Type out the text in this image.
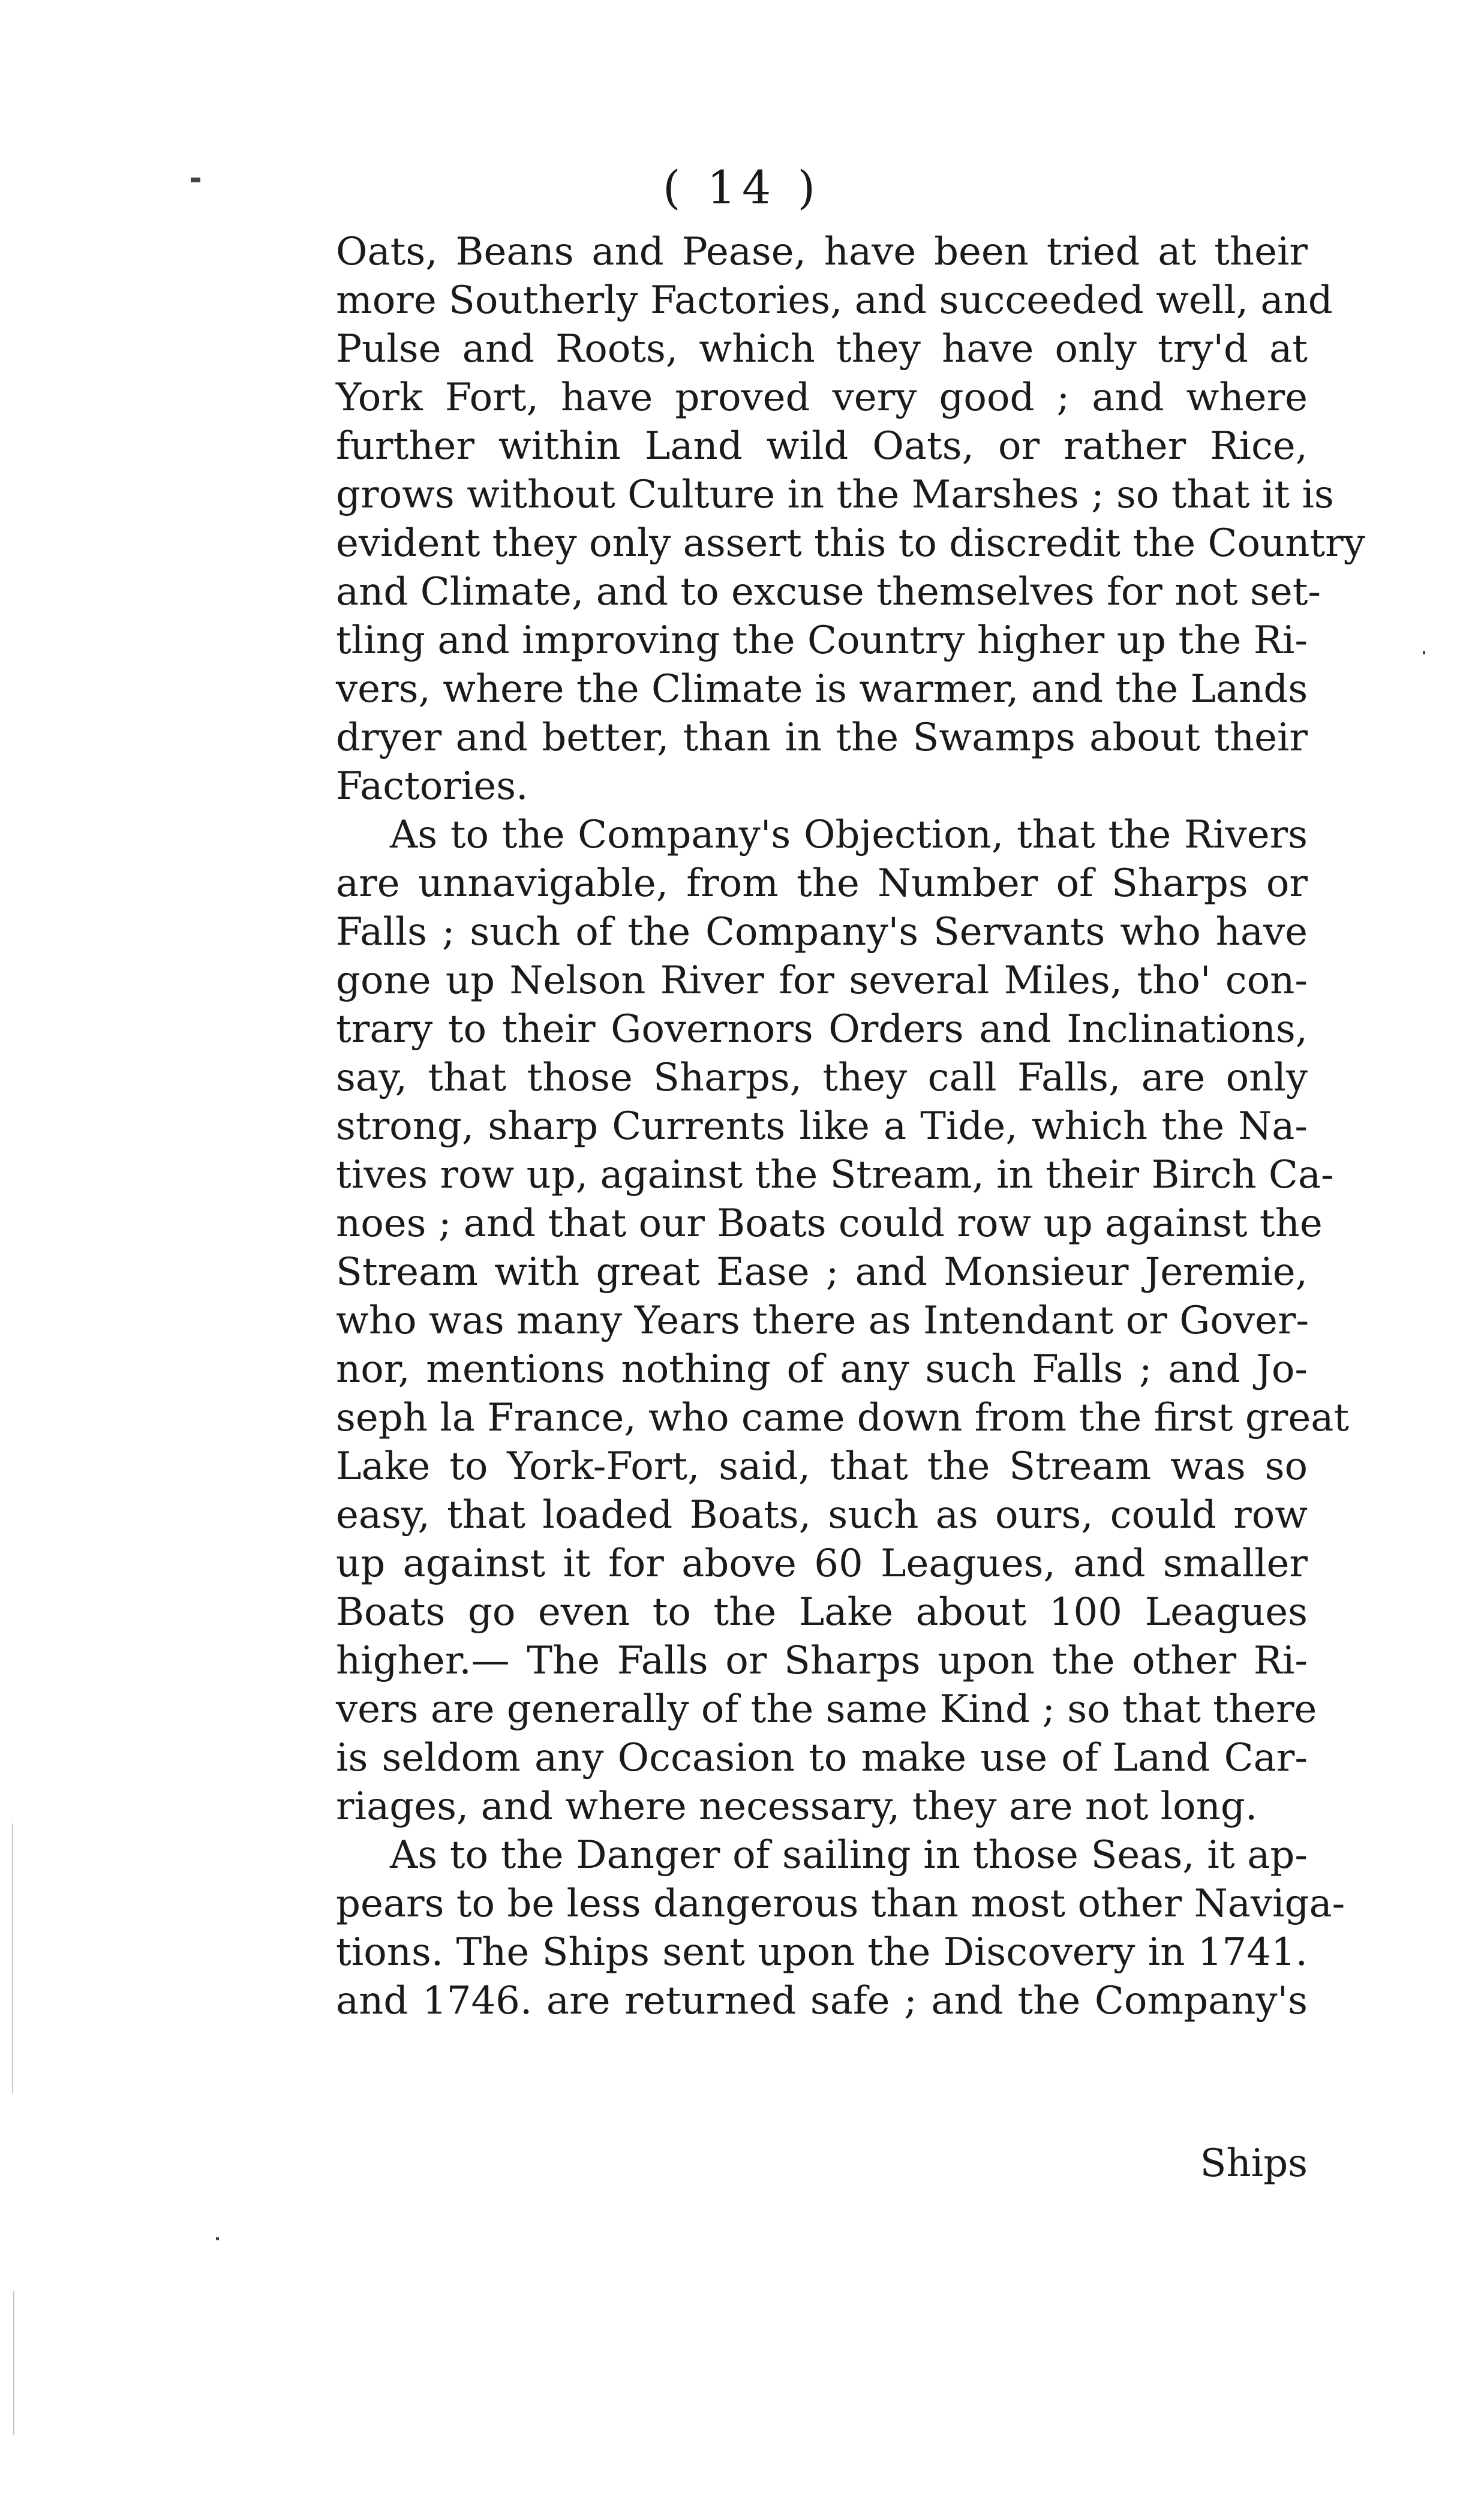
( 14 )
Oats, Beans and Pease, have been tried at their
more Southerly Factories, and succeeded well, and
Pulse and Roots, which they have only try'd at
York Fort, have proved very good ; and where
further within Land wild Oats, or rather Rice,
grows without Culture in the Marshes ; so that it is
evident they only assert this to discredit the Country
and Climate, and to excuse themselves for not set-
tling and improving the Country higher up the Ri-
vers, where the Climate is warmer, and the Lands
dryer and better, than in the Swamps about their
Factories.
As to the Company's Objection, that the Rivers
are unnavigable, from the Number of Sharps or
Falls ; such of the Company's Servants who have
gone up Nelson River for several Miles, tho' con-
trary to their Governors Orders and Inclinations,
say, that those Sharps, they call Falls, are only
strong, sharp Currents like a Tide, which the Na-
tives row up, against the Stream, in their Birch Ca-
noes ; and that our Boats could row up against the
Stream with great Ease ; and Monsieur Jeremie,
who was many Years there as Intendant or Gover-
nor, mentions nothing of any such Falls ; and Jo-
seph la France, who came down from the first great
Lake to York-Fort, said, that the Stream was so
easy, that loaded Boats, such as ours, could row
up against it for above 60 Leagues, and smaller
Boats go even to the Lake about 100 Leagues
higher.— The Falls or Sharps upon the other Ri-
vers are generally of the same Kind ; so that there
is seldom any Occasion to make use of Land Car-
riages, and where necessary, they are not long.
As to the Danger of sailing in those Seas, it ap-
pears to be less dangerous than most other Naviga-
tions. The Ships sent upon the Discovery in 1741.
and 1746. are returned safe ; and the Company's
Ships
